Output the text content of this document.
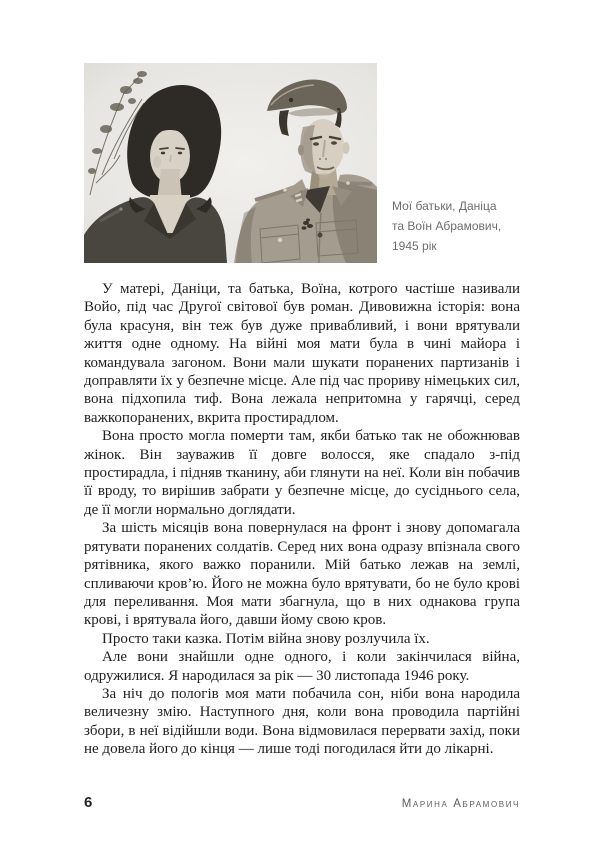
Мої батьки, Даніца
та Воїн Абрамович,
1945 рік

У матері, Даніци, та батька, Воїна, котрого частіше називали Войо, під час Другої світової був роман. Дивовижна історія: вона була красуня, він теж був дуже привабливий, і вони врятували життя одне одному. На війні моя мати була в чині майора і командувала загоном. Вони мали шукати поранених партизанів і доправляти їх у безпечне місце. Але під час прориву німецьких сил, вона підхопила тиф. Вона лежала непритомна у гарячці, серед важкопоранених, вкрита простирадлом.

Вона просто могла померти там, якби батько так не обожнював жінок. Він зауважив її довге волосся, яке спадало з-під простирадла, і підняв тканину, аби глянути на неї. Коли він побачив її вроду, то вирішив забрати у безпечне місце, до сусіднього села, де її могли нормально доглядати.

За шість місяців вона повернулася на фронт і знову допомагала рятувати поранених солдатів. Серед них вона одразу впізнала свого рятівника, якого важко поранили. Мій батько лежав на землі, спливаючи кров’ю. Його не можна було врятувати, бо не було крові для переливання. Моя мати збагнула, що в них однакова група крові, і врятувала його, давши йому свою кров.

Просто таки казка. Потім війна знову розлучила їх.

Але вони знайшли одне одного, і коли закінчилася війна, одружилися. Я народилася за рік — 30 листопада 1946 року.

За ніч до пологів моя мати побачила сон, ніби вона народила величезну змію. Наступного дня, коли вона проводила партійні збори, в неї відійшли води. Вона відмовилася перервати захід, поки не довела його до кінця — лише тоді погодилася йти до лікарні.

6	Марина Абрамович
